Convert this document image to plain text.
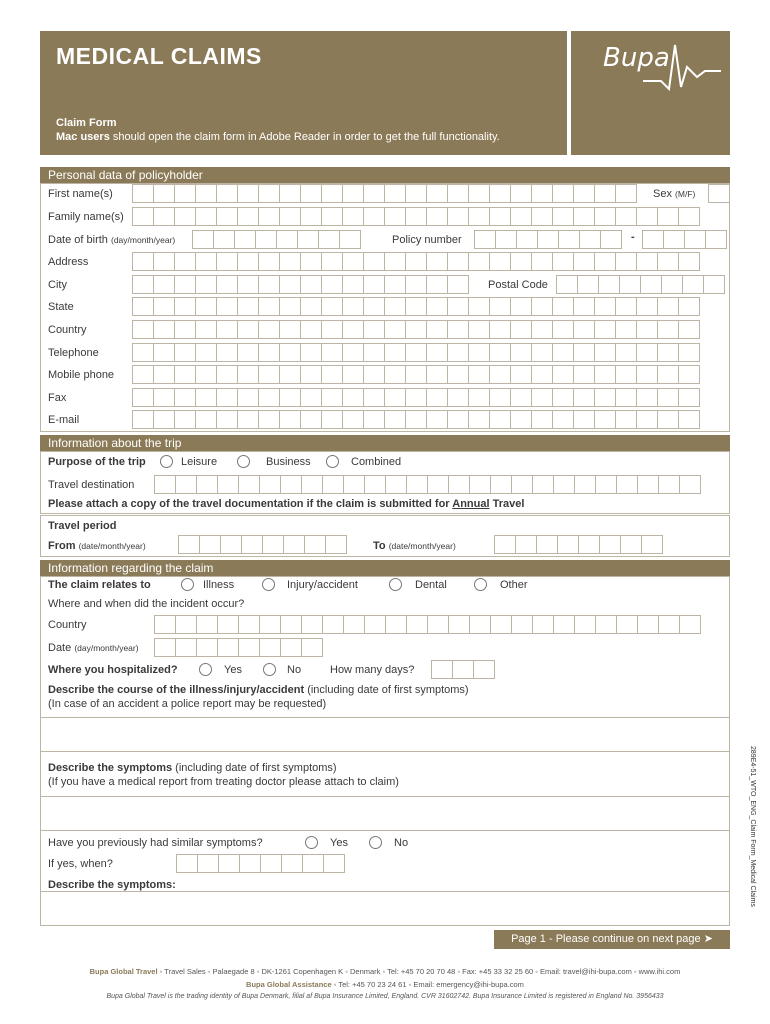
MEDICAL CLAIMS
Claim Form
Mac users should open the claim form in Adobe Reader in order to get the full functionality.
Bupa
Personal data of policyholder
First name(s)	Sex (M/F)
Family name(s)
Date of birth (day/month/year)	Policy number	-
Address
City	Postal Code
State
Country
Telephone
Mobile phone
Fax
E-mail
Information about the trip
Purpose of the trip	Leisure	Business	Combined
Travel destination
Please attach a copy of the travel documentation if the claim is submitted for Annual Travel
Travel period
From (date/month/year)	To (date/month/year)
Information regarding the claim
The claim relates to	Illness	Injury/accident	Dental	Other
Where and when did the incident occur?
Country
Date (day/month/year)
Where you hospitalized?	Yes	No	How many days?
Describe the course of the illness/injury/accident (including date of first symptoms)
(In case of an accident a police report may be requested)
Describe the symptoms (including date of first symptoms)
(If you have a medical report from treating doctor please attach to claim)
Have you previously had similar symptoms?	Yes	No
If yes, when?
Describe the symptoms:	289E4-51_WTO_ENG_Claim Form_Medical Claims
Page 1 - Please continue on next page ➤
Bupa Global Travel ◦ Travel Sales ◦ Palaegade 8 ◦ DK-1261 Copenhagen K ◦ Denmark ◦ Tel: +45 70 20 70 48 ◦ Fax: +45 33 32 25 60 ◦ Email: travel@ihi-bupa.com ◦ www.ihi.com
Bupa Global Assistance ◦ Tel: +45 70 23 24 61 ◦ Email: emergency@ihi-bupa.com
Bupa Global Travel is the trading identity of Bupa Denmark, filial af Bupa Insurance Limited, England. CVR 31602742. Bupa Insurance Limited is registered in England No. 3956433
